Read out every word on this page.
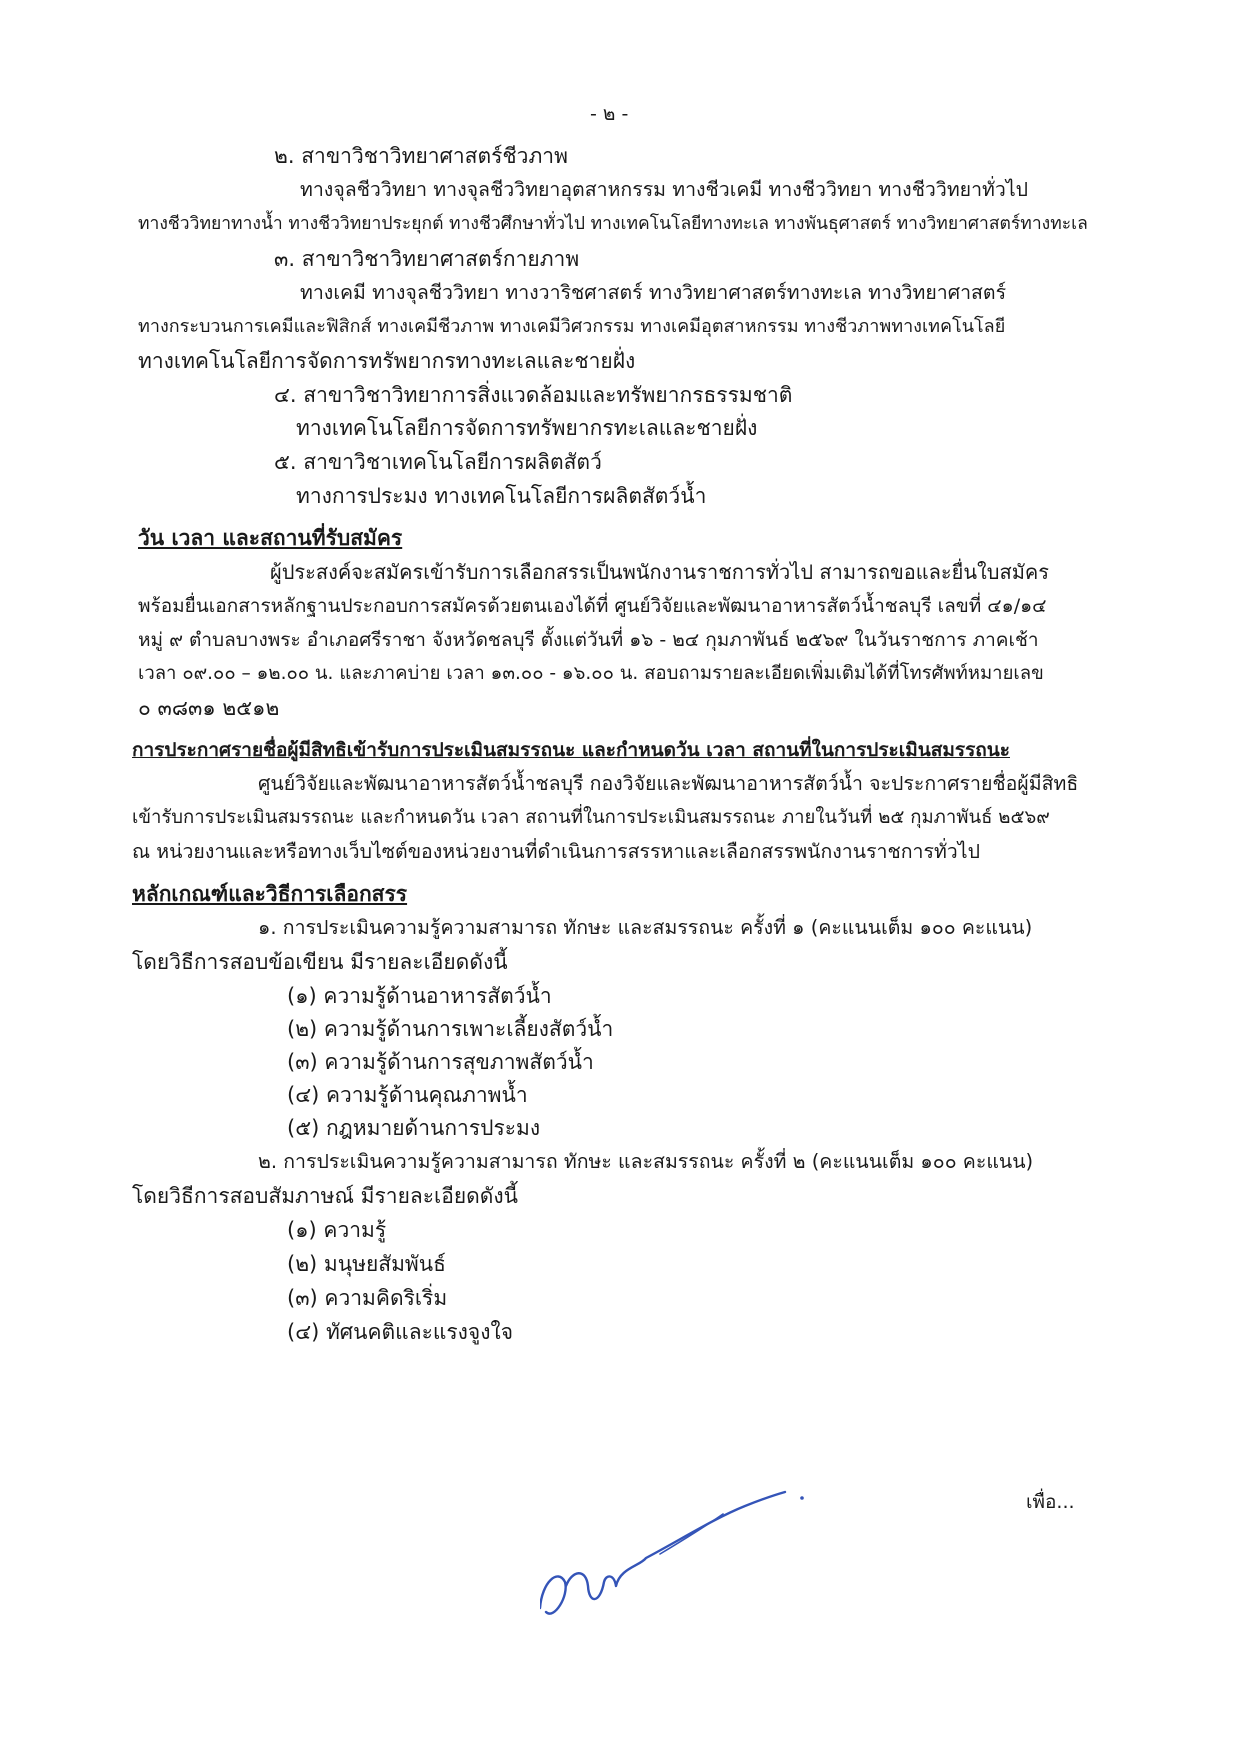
- ๒ -
๒. สาขาวิชาวิทยาศาสตร์ชีวภาพ
ทางจุลชีววิทยา ทางจุลชีววิทยาอุตสาหกรรม ทางชีวเคมี ทางชีววิทยา ทางชีววิทยาทั่วไป
ทางชีววิทยาทางน้ำ ทางชีววิทยาประยุกต์ ทางชีวศึกษาทั่วไป ทางเทคโนโลยีทางทะเล ทางพันธุศาสตร์ ทางวิทยาศาสตร์ทางทะเล
๓. สาขาวิชาวิทยาศาสตร์กายภาพ
ทางเคมี ทางจุลชีววิทยา ทางวาริชศาสตร์ ทางวิทยาศาสตร์ทางทะเล ทางวิทยาศาสตร์
ทางกระบวนการเคมีและฟิสิกส์ ทางเคมีชีวภาพ ทางเคมีวิศวกรรม ทางเคมีอุตสาหกรรม ทางชีวภาพทางเทคโนโลยี
ทางเทคโนโลยีการจัดการทรัพยากรทางทะเลและชายฝั่ง
๔. สาขาวิชาวิทยาการสิ่งแวดล้อมและทรัพยากรธรรมชาติ
ทางเทคโนโลยีการจัดการทรัพยากรทะเลและชายฝั่ง
๕. สาขาวิชาเทคโนโลยีการผลิตสัตว์
ทางการประมง ทางเทคโนโลยีการผลิตสัตว์น้ำ
วัน เวลา และสถานที่รับสมัคร
ผู้ประสงค์จะสมัครเข้ารับการเลือกสรรเป็นพนักงานราชการทั่วไป สามารถขอและยื่นใบสมัคร
พร้อมยื่นเอกสารหลักฐานประกอบการสมัครด้วยตนเองได้ที่ ศูนย์วิจัยและพัฒนาอาหารสัตว์น้ำชลบุรี เลขที่ ๔๑/๑๔
หมู่ ๙ ตำบลบางพระ อำเภอศรีราชา จังหวัดชลบุรี ตั้งแต่วันที่ ๑๖ - ๒๔ กุมภาพันธ์ ๒๕๖๙ ในวันราชการ ภาคเช้า
เวลา ๐๙.๐๐ – ๑๒.๐๐ น. และภาคบ่าย เวลา ๑๓.๐๐ - ๑๖.๐๐ น. สอบถามรายละเอียดเพิ่มเติมได้ที่โทรศัพท์หมายเลข
๐ ๓๘๓๑ ๒๕๑๒
การประกาศรายชื่อผู้มีสิทธิเข้ารับการประเมินสมรรถนะ และกำหนดวัน เวลา สถานที่ในการประเมินสมรรถนะ
ศูนย์วิจัยและพัฒนาอาหารสัตว์น้ำชลบุรี กองวิจัยและพัฒนาอาหารสัตว์น้ำ จะประกาศรายชื่อผู้มีสิทธิ
เข้ารับการประเมินสมรรถนะ และกำหนดวัน เวลา สถานที่ในการประเมินสมรรถนะ ภายในวันที่ ๒๕ กุมภาพันธ์ ๒๕๖๙
ณ หน่วยงานและหรือทางเว็บไซต์ของหน่วยงานที่ดำเนินการสรรหาและเลือกสรรพนักงานราชการทั่วไป
หลักเกณฑ์และวิธีการเลือกสรร
๑. การประเมินความรู้ความสามารถ ทักษะ และสมรรถนะ ครั้งที่ ๑ (คะแนนเต็ม ๑๐๐ คะแนน)
โดยวิธีการสอบข้อเขียน มีรายละเอียดดังนี้
(๑) ความรู้ด้านอาหารสัตว์น้ำ
(๒) ความรู้ด้านการเพาะเลี้ยงสัตว์น้ำ
(๓) ความรู้ด้านการสุขภาพสัตว์น้ำ
(๔) ความรู้ด้านคุณภาพน้ำ
(๕) กฎหมายด้านการประมง
๒. การประเมินความรู้ความสามารถ ทักษะ และสมรรถนะ ครั้งที่ ๒ (คะแนนเต็ม ๑๐๐ คะแนน)
โดยวิธีการสอบสัมภาษณ์ มีรายละเอียดดังนี้
(๑) ความรู้
(๒) มนุษยสัมพันธ์
(๓) ความคิดริเริ่ม
(๔) ทัศนคติและแรงจูงใจ
เพื่อ...
